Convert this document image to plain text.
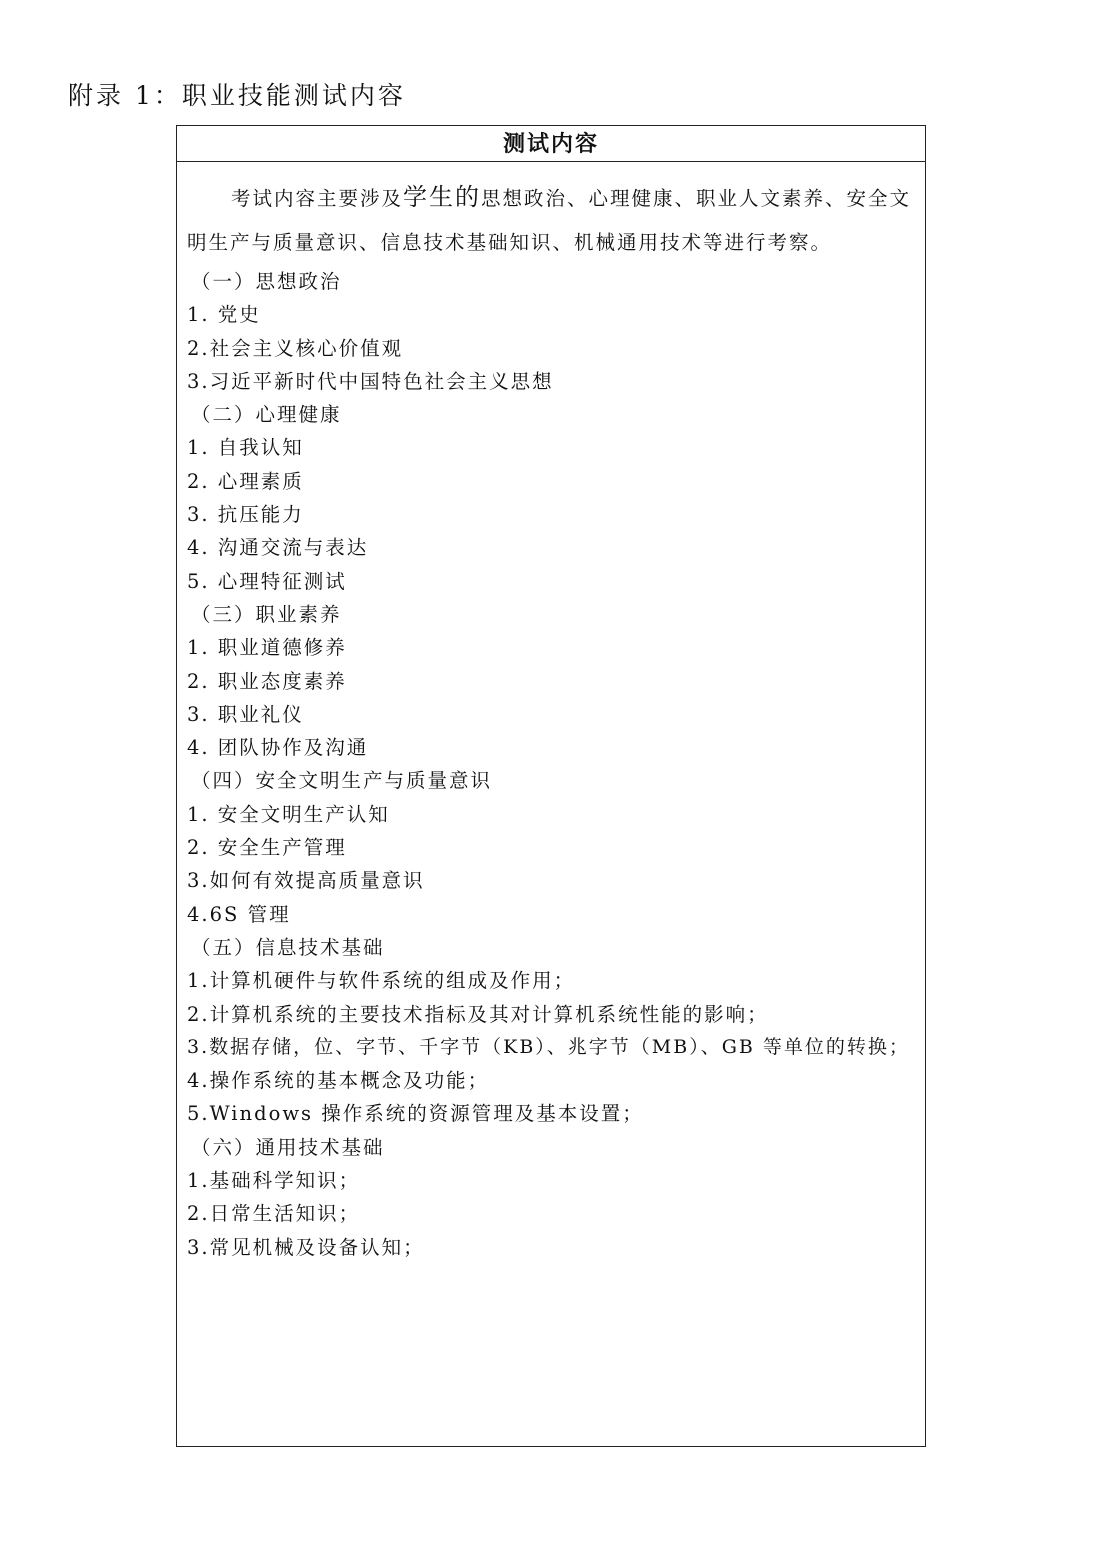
附录 1：职业技能测试内容
测试内容

考试内容主要涉及学生的思想政治、心理健康、职业人文素养、安全文明生产与质量意识、信息技术基础知识、机械通用技术等进行考察。

（一）思想政治
1. 党史
2.社会主义核心价值观
3.习近平新时代中国特色社会主义思想
（二）心理健康
1. 自我认知
2. 心理素质
3. 抗压能力
4. 沟通交流与表达
5. 心理特征测试
（三）职业素养
1. 职业道德修养
2. 职业态度素养
3. 职业礼仪
4. 团队协作及沟通
（四）安全文明生产与质量意识
1. 安全文明生产认知
2. 安全生产管理
3.如何有效提高质量意识
4.6S 管理
（五）信息技术基础
1.计算机硬件与软件系统的组成及作用；
2.计算机系统的主要技术指标及其对计算机系统性能的影响；
3.数据存储，位、字节、千字节（KB）、兆字节（MB）、GB 等单位的转换；
4.操作系统的基本概念及功能；
5.Windows 操作系统的资源管理及基本设置；
（六）通用技术基础
1.基础科学知识；
2.日常生活知识；
3.常见机械及设备认知；
